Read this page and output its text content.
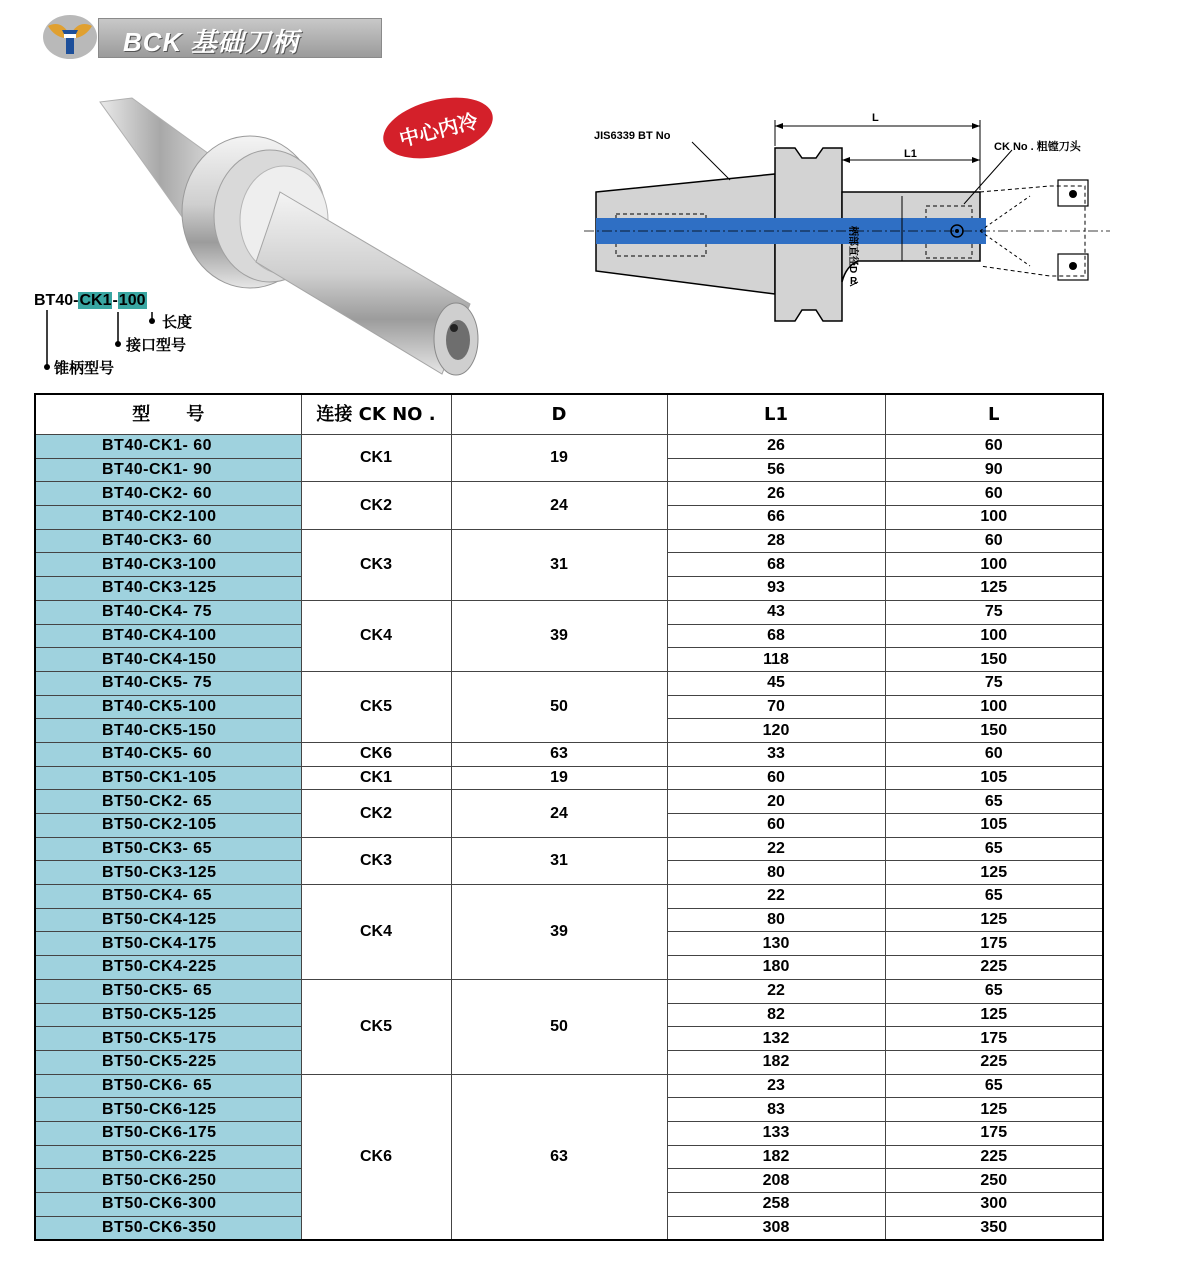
BCK 基础刀柄
中心内冷
BT40-CK1-100
长度
接口型号
锥柄型号
JIS6339 BT No
L
L1
CK No . 粗镗刀头
柄部直径D
R
型　　号	连接 CK NO .	D	L1	L
BT40-CK1- 60	CK1	19	26	60
BT40-CK1- 90			56	90
BT40-CK2- 60	CK2	24	26	60
BT40-CK2-100			66	100
BT40-CK3- 60	CK3	31	28	60
BT40-CK3-100			68	100
BT40-CK3-125			93	125
BT40-CK4- 75	CK4	39	43	75
BT40-CK4-100			68	100
BT40-CK4-150			118	150
BT40-CK5- 75	CK5	50	45	75
BT40-CK5-100			70	100
BT40-CK5-150			120	150
BT40-CK5- 60	CK6	63	33	60
BT50-CK1-105	CK1	19	60	105
BT50-CK2- 65	CK2	24	20	65
BT50-CK2-105			60	105
BT50-CK3- 65	CK3	31	22	65
BT50-CK3-125			80	125
BT50-CK4- 65	CK4	39	22	65
BT50-CK4-125			80	125
BT50-CK4-175			130	175
BT50-CK4-225			180	225
BT50-CK5- 65	CK5	50	22	65
BT50-CK5-125			82	125
BT50-CK5-175			132	175
BT50-CK5-225			182	225
BT50-CK6- 65	CK6	63	23	65
BT50-CK6-125			83	125
BT50-CK6-175			133	175
BT50-CK6-225			182	225
BT50-CK6-250			208	250
BT50-CK6-300			258	300
BT50-CK6-350			308	350
